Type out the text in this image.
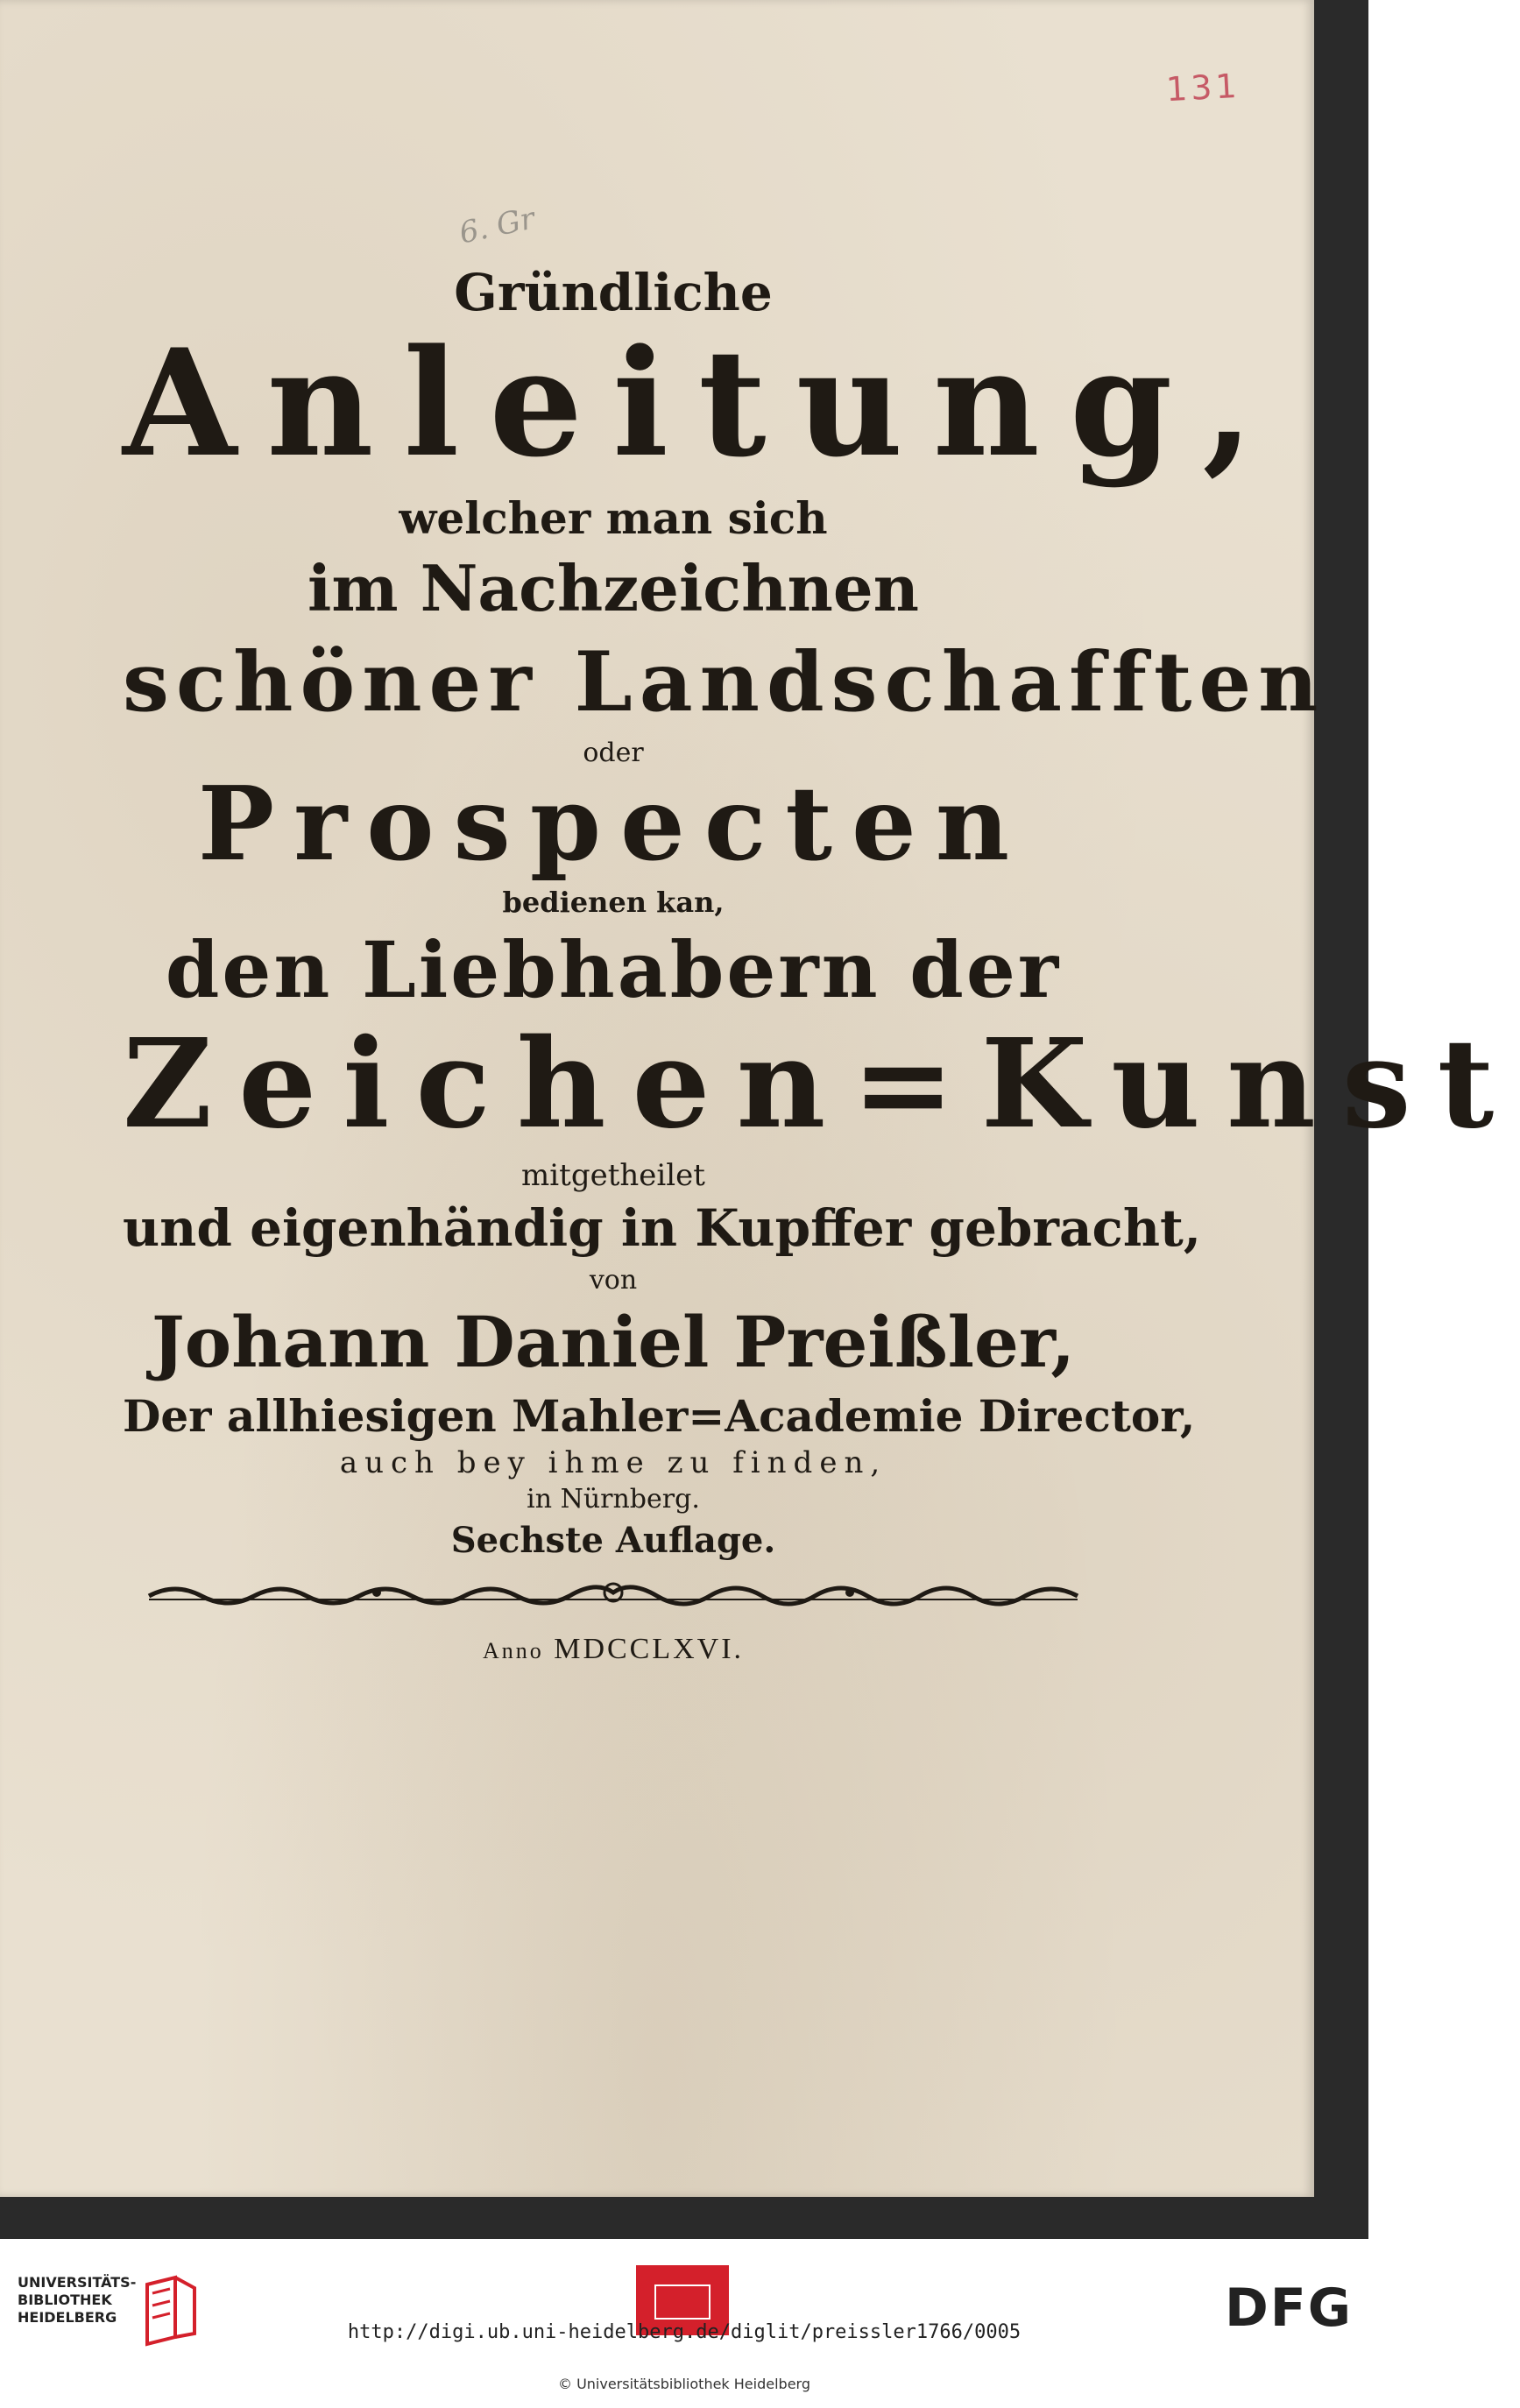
131
6. Gr
Gründliche
Anleitung,
welcher man sich
im Nachzeichnen
schöner Landschafften
oder
Prospecten
bedienen kan,
den Liebhabern der
Zeichen=Kunst
mitgetheilet
und eigenhändig in Kupffer gebracht,
von
Johann Daniel Preißler,
Der allhiesigen Mahler=Academie Director,
auch bey ihme zu finden,
in Nürnberg.
Sechste Auflage.
Anno MDCCLXVI.
UNIVERSITÄTS-
BIBLIOTHEK
HEIDELBERG	DFG
http://digi.ub.uni-heidelberg.de/diglit/preissler1766/0005
© Universitätsbibliothek Heidelberg
